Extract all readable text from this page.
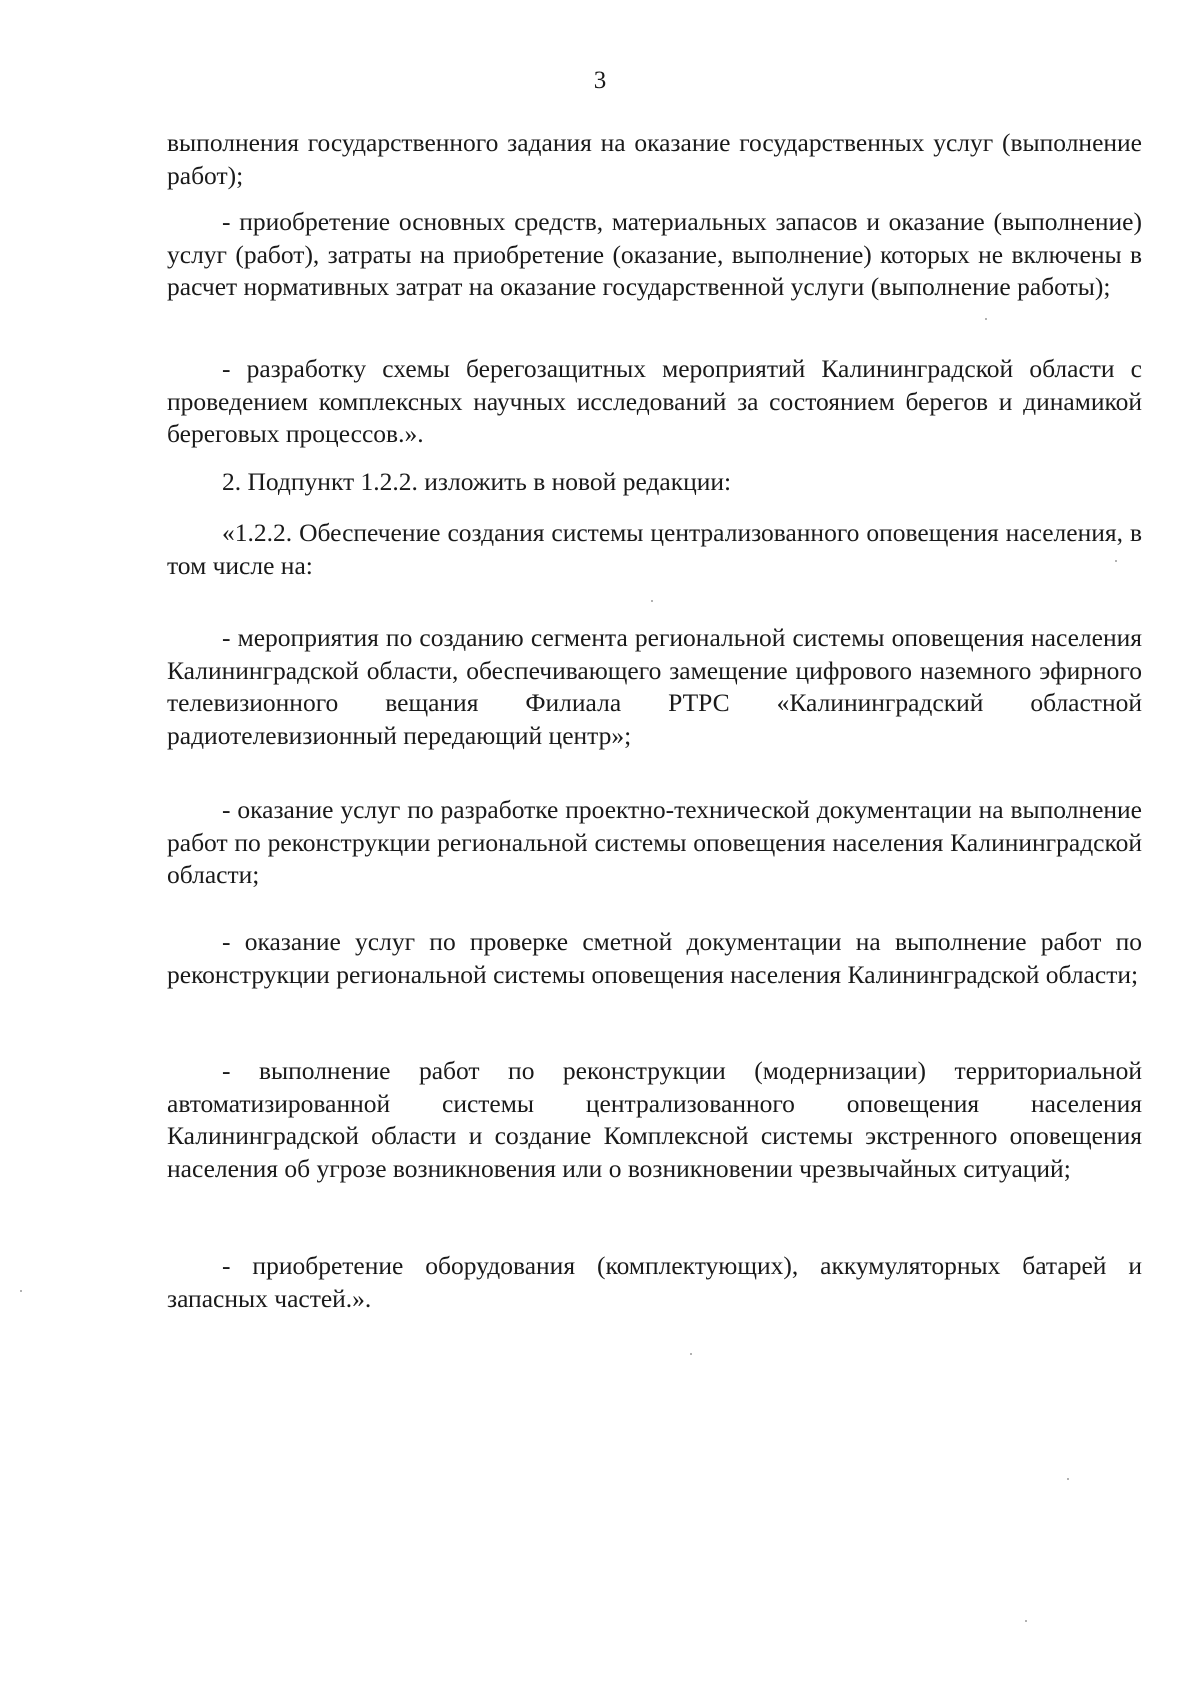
3

выполнения государственного задания на оказание государственных услуг (выполнение работ);

- приобретение основных средств, материальных запасов и оказание (выполнение) услуг (работ), затраты на приобретение (оказание, выполнение) которых не включены в расчет нормативных затрат на оказание государственной услуги (выполнение работы);

- разработку схемы берегозащитных мероприятий Калининградской области с проведением комплексных научных исследований за состоянием берегов и динамикой береговых процессов.».

2. Подпункт 1.2.2. изложить в новой редакции:

«1.2.2. Обеспечение создания системы централизованного оповещения населения, в том числе на:

- мероприятия по созданию сегмента региональной системы оповещения населения Калининградской области, обеспечивающего замещение цифрового наземного эфирного телевизионного вещания Филиала РТРС «Калининградский областной радиотелевизионный передающий центр»;

- оказание услуг по разработке проектно-технической документации на выполнение работ по реконструкции региональной системы оповещения населения Калининградской области;

- оказание услуг по проверке сметной документации на выполнение работ по реконструкции региональной системы оповещения населения Калининградской области;

- выполнение работ по реконструкции (модернизации) территориальной автоматизированной системы централизованного оповещения населения Калининградской области и создание Комплексной системы экстренного оповещения населения об угрозе возникновения или о возникновении чрезвычайных ситуаций;

- приобретение оборудования (комплектующих), аккумуляторных батарей и запасных частей.».
